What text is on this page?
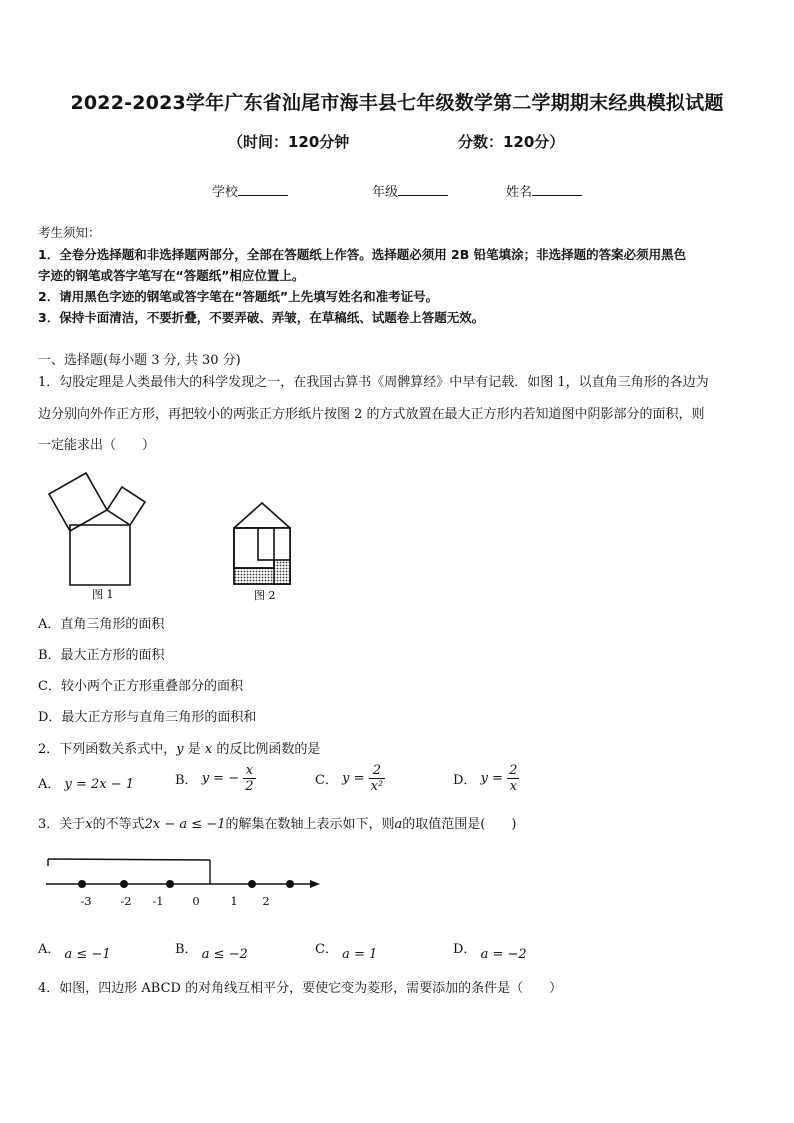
2022-2023学年广东省汕尾市海丰县七年级数学第二学期期末经典模拟试题
（时间：120分钟	分数：120分）
学校	年级	姓名
考生须知：
1．全卷分选择题和非选择题两部分，全部在答题纸上作答。选择题必须用 2B 铅笔填涂；非选择题的答案必须用黑色
字迹的钢笔或答字笔写在“答题纸”相应位置上。
2．请用黑色字迹的钢笔或答字笔在“答题纸”上先填写姓名和准考证号。
3．保持卡面清洁，不要折叠，不要弄破、弄皱，在草稿纸、试题卷上答题无效。
一、选择题(每小题 3 分, 共 30 分)
1．勾股定理是人类最伟大的科学发现之一，在我国古算书《周髀算经》中早有记载．如图 1，以直角三角形的各边为
边分别向外作正方形，再把较小的两张正方形纸片按图 2 的方式放置在最大正方形内若知道图中阴影部分的面积，则
一定能求出（　　）
图 1	图 2
A．直角三角形的面积
B．最大正方形的面积
C．较小两个正方形重叠部分的面积
D．最大正方形与直角三角形的面积和
2．下列函数关系式中，y 是 x 的反比例函数的是
A． y = 2x − 1	B． y = − $\frac{x}{2}$	C． $y = \frac{2}{\text{x²}}$	D． $y = \frac{2}{x}$
3．关于x的不等式2x − a ≤ −1的解集在数轴上表示如下，则a的取值范围是(　　)
-3	-2 -1 0	1 2
A． a ≤ −1	B． a ≤ −2	C． a = 1	D． a = −2
4．如图，四边形 ABCD 的对角线互相平分，要使它变为菱形，需要添加的条件是（　　）
